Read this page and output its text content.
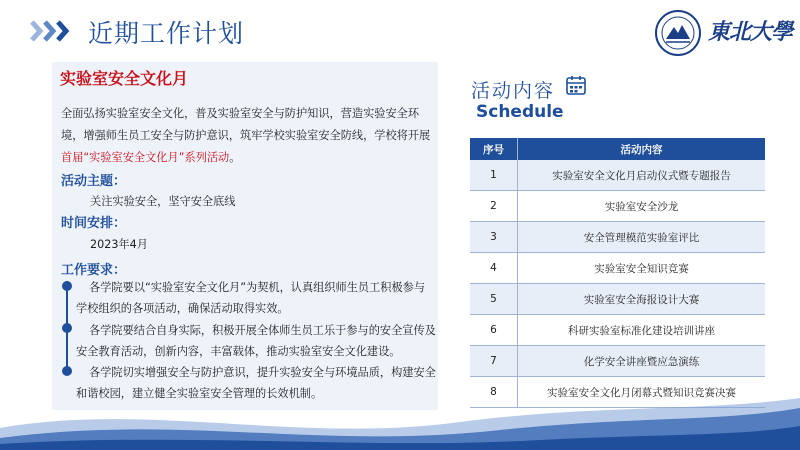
近期工作计划	東北大學
实验室安全文化月
全面弘扬实验室安全文化，普及实验室安全与防护知识，营造实验安全环境，增强师生员工安全与防护意识，筑牢学校实验室安全防线，学校将开展首届“实验室安全文化月”系列活动。
活动主题：
关注实验安全，坚守安全底线
时间安排：
2023年4月
工作要求：
各学院要以“实验室安全文化月”为契机，认真组织师生员工积极参与学校组织的各项活动，确保活动取得实效。
各学院要结合自身实际，积极开展全体师生员工乐于参与的安全宣传及安全教育活动，创新内容，丰富载体，推动实验室安全文化建设。
各学院切实增强安全与防护意识，提升实验安全与环境品质，构建安全和谐校园，建立健全实验室安全管理的长效机制。
活动内容
Schedule
序号	活动内容
1	实验室安全文化月启动仪式暨专题报告
2	实验室安全沙龙
3	安全管理模范实验室评比
4	实验室安全知识竞赛
5	实验室安全海报设计大赛
6	科研实验室标准化建设培训讲座
7	化学安全讲座暨应急演练
8	实验室安全文化月闭幕式暨知识竞赛决赛
